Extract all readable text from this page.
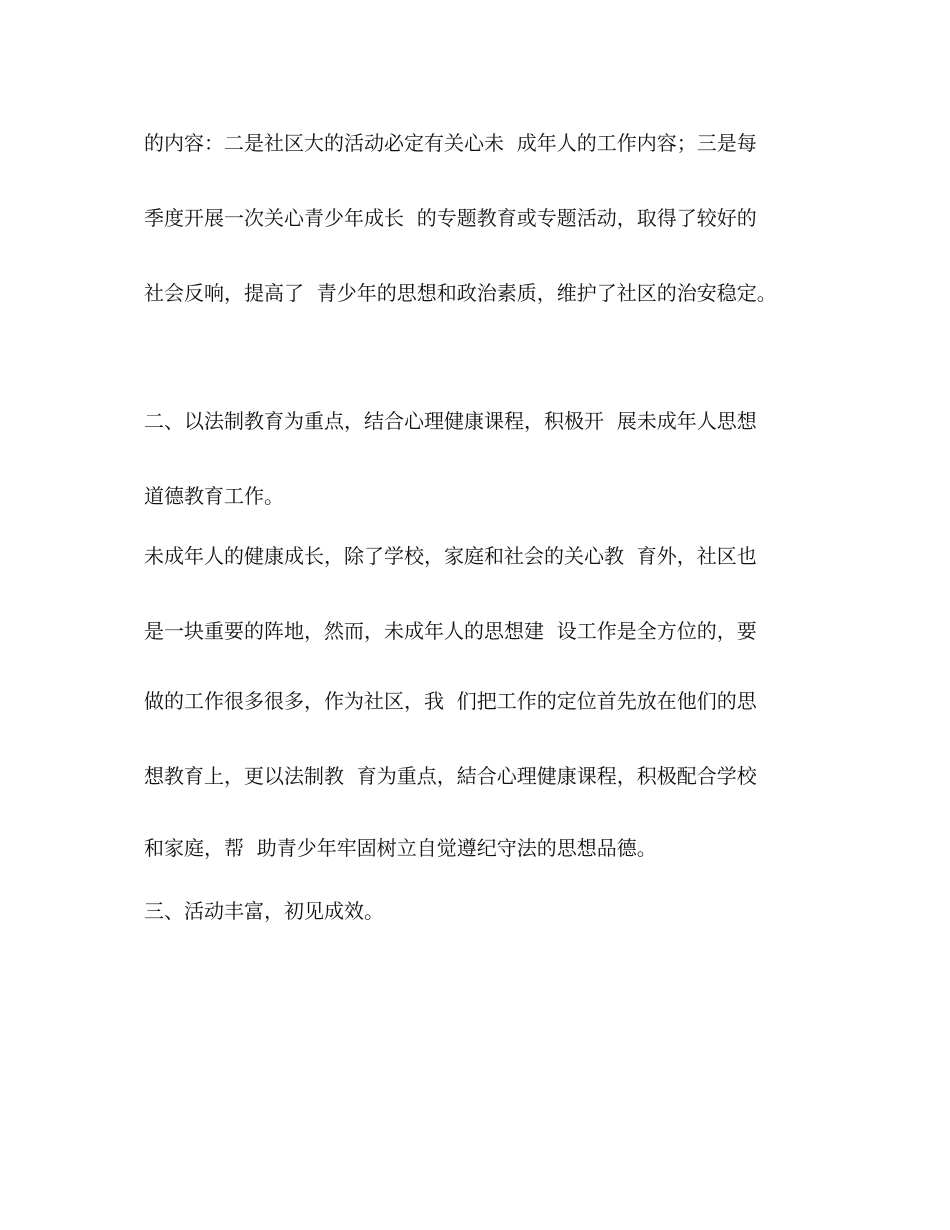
的内容：二是社区大的活动必定有关心未  成年人的工作内容；三是每
季度开展一次关心青少年成长  的专题教育或专题活动，取得了较好的
社会反响，提高了  青少年的思想和政治素质，维护了社区的治安稳定。
二、以法制教育为重点，结合心理健康课程，积极开  展未成年人思想
道德教育工作。
未成年人的健康成长，除了学校，家庭和社会的关心教  育外，社区也
是一块重要的阵地，然而，未成年人的思想建  设工作是全方位的，要
做的工作很多很多，作为社区，我  们把工作的定位首先放在他们的思
想教育上，更以法制教  育为重点，結合心理健康课程，积极配合学校
和家庭，帮  助青少年牢固树立自觉遵纪守法的思想品德。
三、活动丰富，初见成效。
